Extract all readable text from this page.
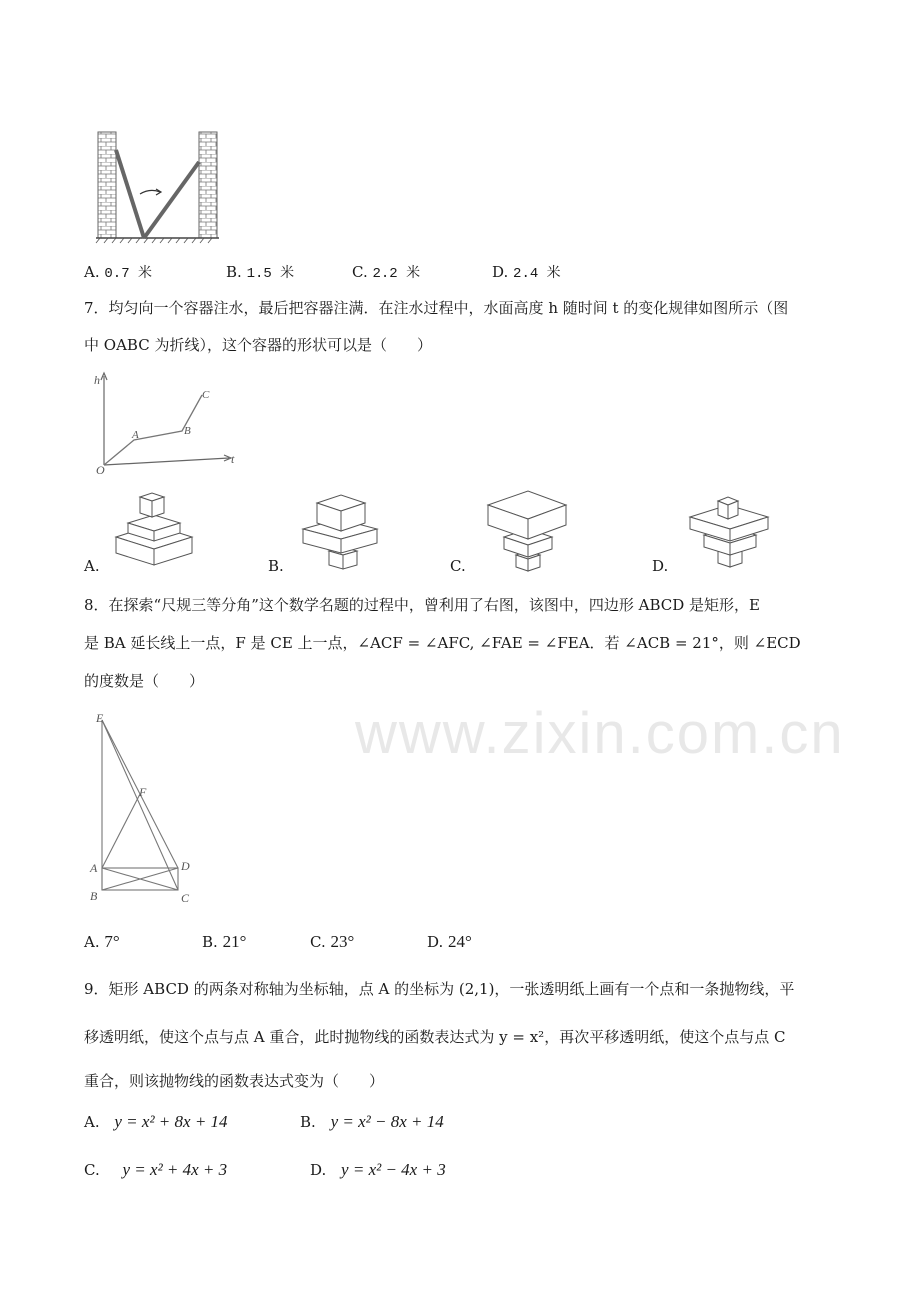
www.zixin.com.cn
A. 0.7 米	B. 1.5 米	C. 2.2 米	D. 2.4 米
7．均匀向一个容器注水，最后把容器注满．在注水过程中，水面高度 h 随时间 t 的变化规律如图所示（图
中 OABC 为折线），这个容器的形状可以是（　　）
h
t
O
A	B
C
A.	B.	C.	D.
8．在探索“尺规三等分角”这个数学名题的过程中，曾利用了右图，该图中，四边形 ABCD 是矩形，E
是 BA 延长线上一点，F 是 CE 上一点，∠ACF = ∠AFC, ∠FAE = ∠FEA．若 ∠ACB = 21°，则 ∠ECD
的度数是（　　）
E
F
A
B	C
D
A. 7°	B. 21°	C. 23°	D. 24°
9．矩形 ABCD 的两条对称轴为坐标轴，点 A 的坐标为 (2,1)，一张透明纸上画有一个点和一条抛物线，平
移透明纸，使这个点与点 A 重合，此时抛物线的函数表达式为 y = x²，再次平移透明纸，使这个点与点 C
重合，则该抛物线的函数表达式变为（　　）
A. y = x² + 8x + 14	B. y = x² − 8x + 14
C. y = x² + 4x + 3	D. y = x² − 4x + 3
